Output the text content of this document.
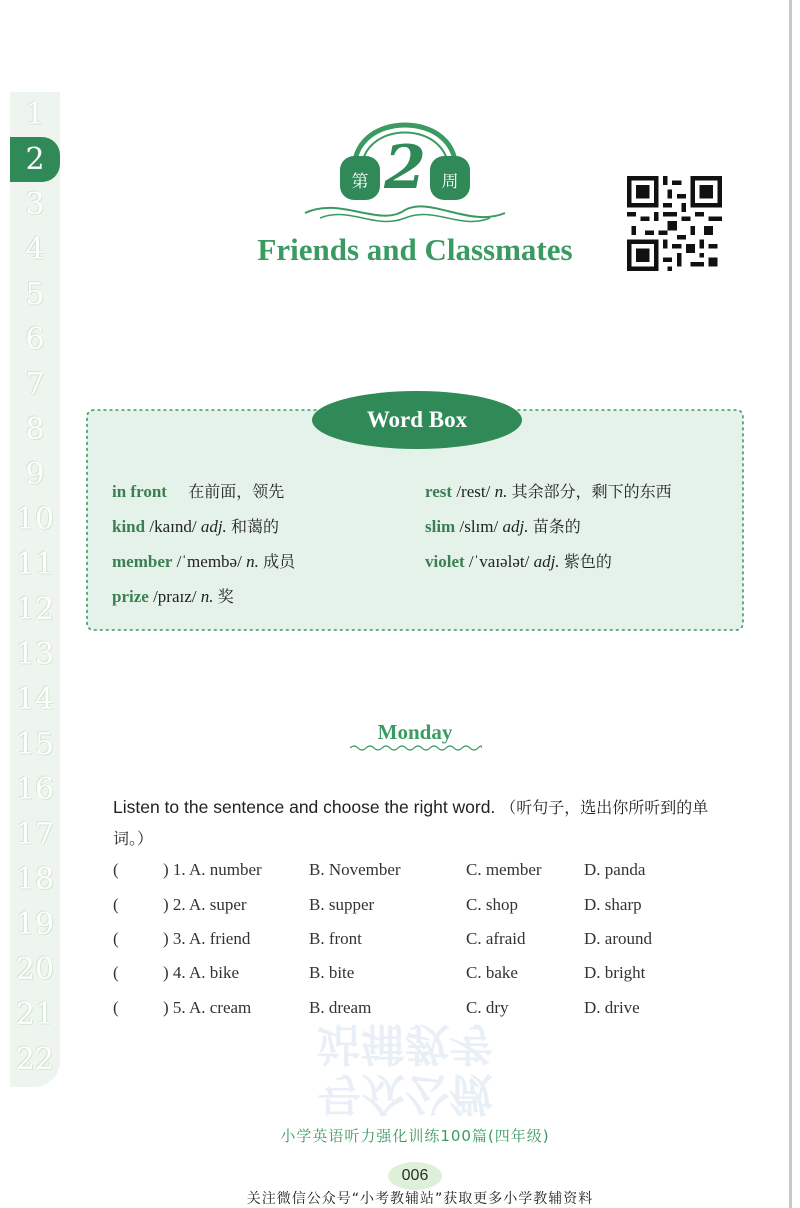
1
2
3
4
5
6
7
8
9
10
11
12
13
14
15
16
17
18
19
20
21
22
第	周
2
Friends and Classmates
Word Box
in front 在前面，领先
kind /kaɪnd/ adj. 和蔼的
member /ˈmembə/ n. 成员
prize /praɪz/ n. 奖
rest /rest/ n. 其余部分，剩下的东西
slim /slɪm/ adj. 苗条的
violet /ˈvaɪələt/ adj. 紫色的
Monday
Listen to the sentence and choose the right word. （听句子，选出你所听到的单词。）
(	) 1. A. number	B. November	C. member D. panda
(	) 2. A. super	B. supper	C. shop	D. sharp
(	) 3. A. friend	B. front	C. afraid	D. around
(	) 4. A. bike	B. bite	C. bake	D. bright
(	) 5. A. cream	B. dream	C. dry	D. drive
号众公微
站辅教考
小学英语听力强化训练100篇(四年级)
006
关注微信公众号“小考教辅站”获取更多小学教辅资料
